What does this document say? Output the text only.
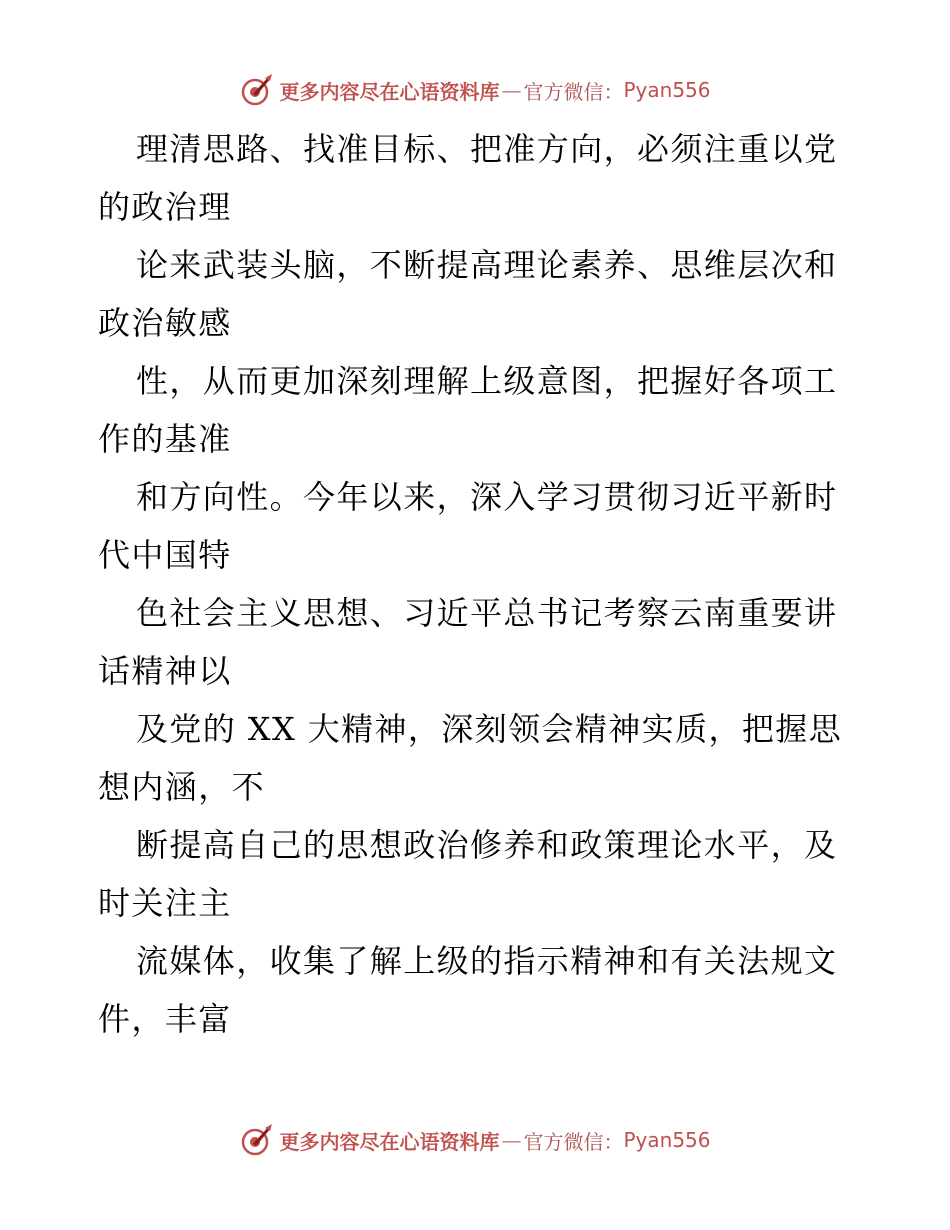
更多内容尽在心语资料库 — 官方微信： Pyan556
理清思路、找准目标、把准方向，必须注重以党
的政治理
论来武装头脑，不断提高理论素养、思维层次和
政治敏感
性，从而更加深刻理解上级意图，把握好各项工
作的基准
和方向性。今年以来，深入学习贯彻习近平新时
代中国特
色社会主义思想、习近平总书记考察云南重要讲
话精神以
及党的 XX 大精神，深刻领会精神实质，把握思
想内涵，不
断提高自己的思想政治修养和政策理论水平，及
时关注主
流媒体，收集了解上级的指示精神和有关法规文
件，丰富
更多内容尽在心语资料库 — 官方微信： Pyan556
